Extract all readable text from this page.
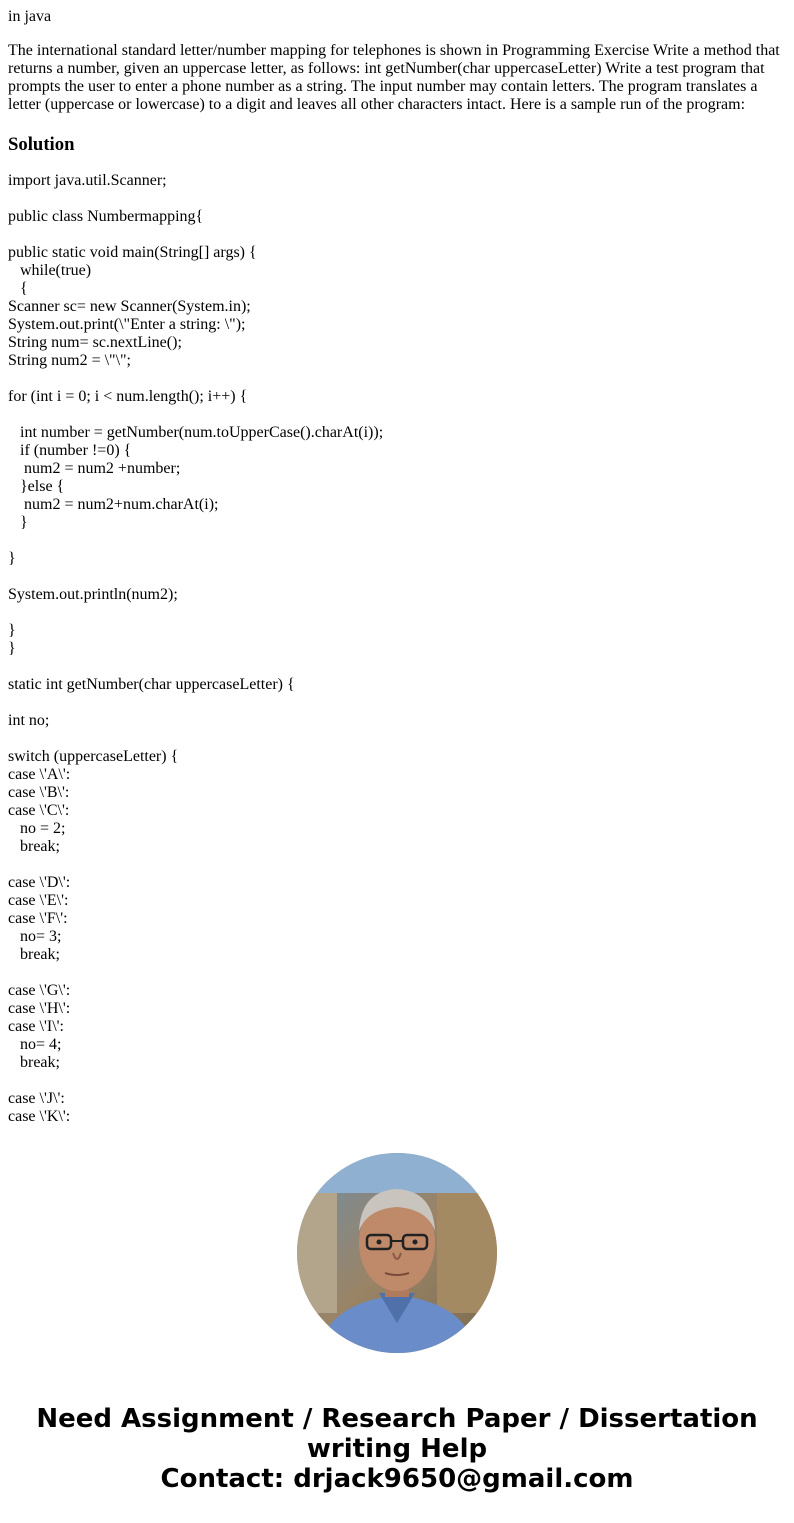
in java

The international standard letter/number mapping for telephones is shown in Programming Exercise Write a method that returns a number, given an uppercase letter, as follows: int getNumber(char uppercaseLetter) Write a test program that prompts the user to enter a phone number as a string. The input number may contain letters. The program translates a letter (uppercase or lowercase) to a digit and leaves all other characters intact. Here is a sample run of the program:

Solution
import java.util.Scanner;
public class Numbermapping{
public static void main(String[] args) {
while(true)
{
Scanner sc= new Scanner(System.in);
System.out.print(\"Enter a string: \");
String num= sc.nextLine();
String num2 = \"\";
for (int i = 0; i < num.length(); i++) {
int number = getNumber(num.toUpperCase().charAt(i));
if (number !=0) {
num2 = num2 +number;
}else {
num2 = num2+num.charAt(i);
}
}
System.out.println(num2);
}
}
static int getNumber(char uppercaseLetter) {
int no;
switch (uppercaseLetter) {
case \'A\':
case \'B\':
case \'C\':
no = 2;
break;
case \'D\':
case \'E\':
case \'F\':
no= 3;
break;
case \'G\':
case \'H\':
case \'I\':
no= 4;
break;
case \'J\':
case \'K\':
Need Assignment / Research Paper / Dissertation
writing Help
Contact: drjack9650@gmail.com
